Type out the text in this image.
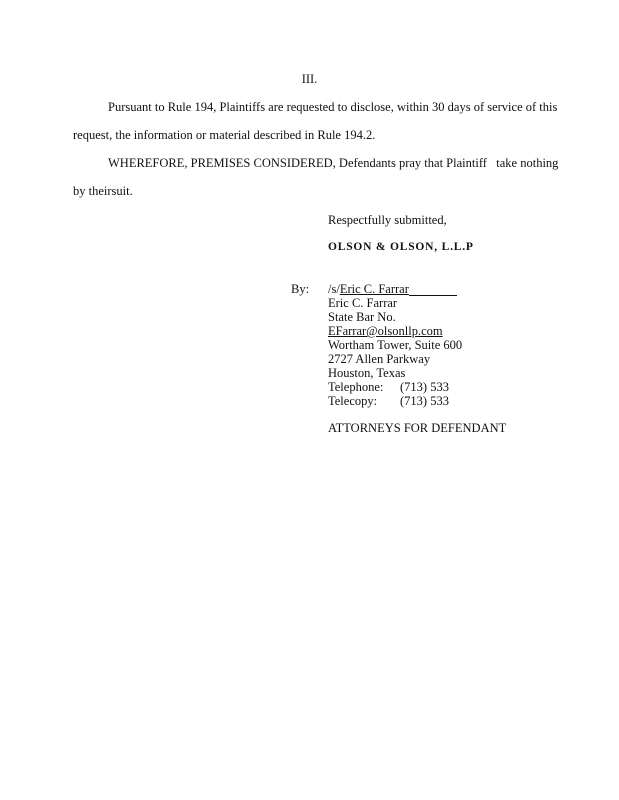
III.
Pursuant to Rule 194, Plaintiffs are requested to disclose, within 30 days of service of this
request, the information or material described in Rule 194.2.
WHEREFORE, PREMISES CONSIDERED, Defendants pray that Plaintiff   take nothing
by theirsuit.
Respectfully submitted,
OLSON & OLSON, L.L.P
By: /s/Eric C. Farrar
Eric C. Farrar
State Bar No.
EFarrar@olsonllp.com
Wortham Tower, Suite 600
2727 Allen Parkway
Houston, Texas
Telephone: (713) 533
Telecopy: (713) 533
ATTORNEYS FOR DEFENDANT
